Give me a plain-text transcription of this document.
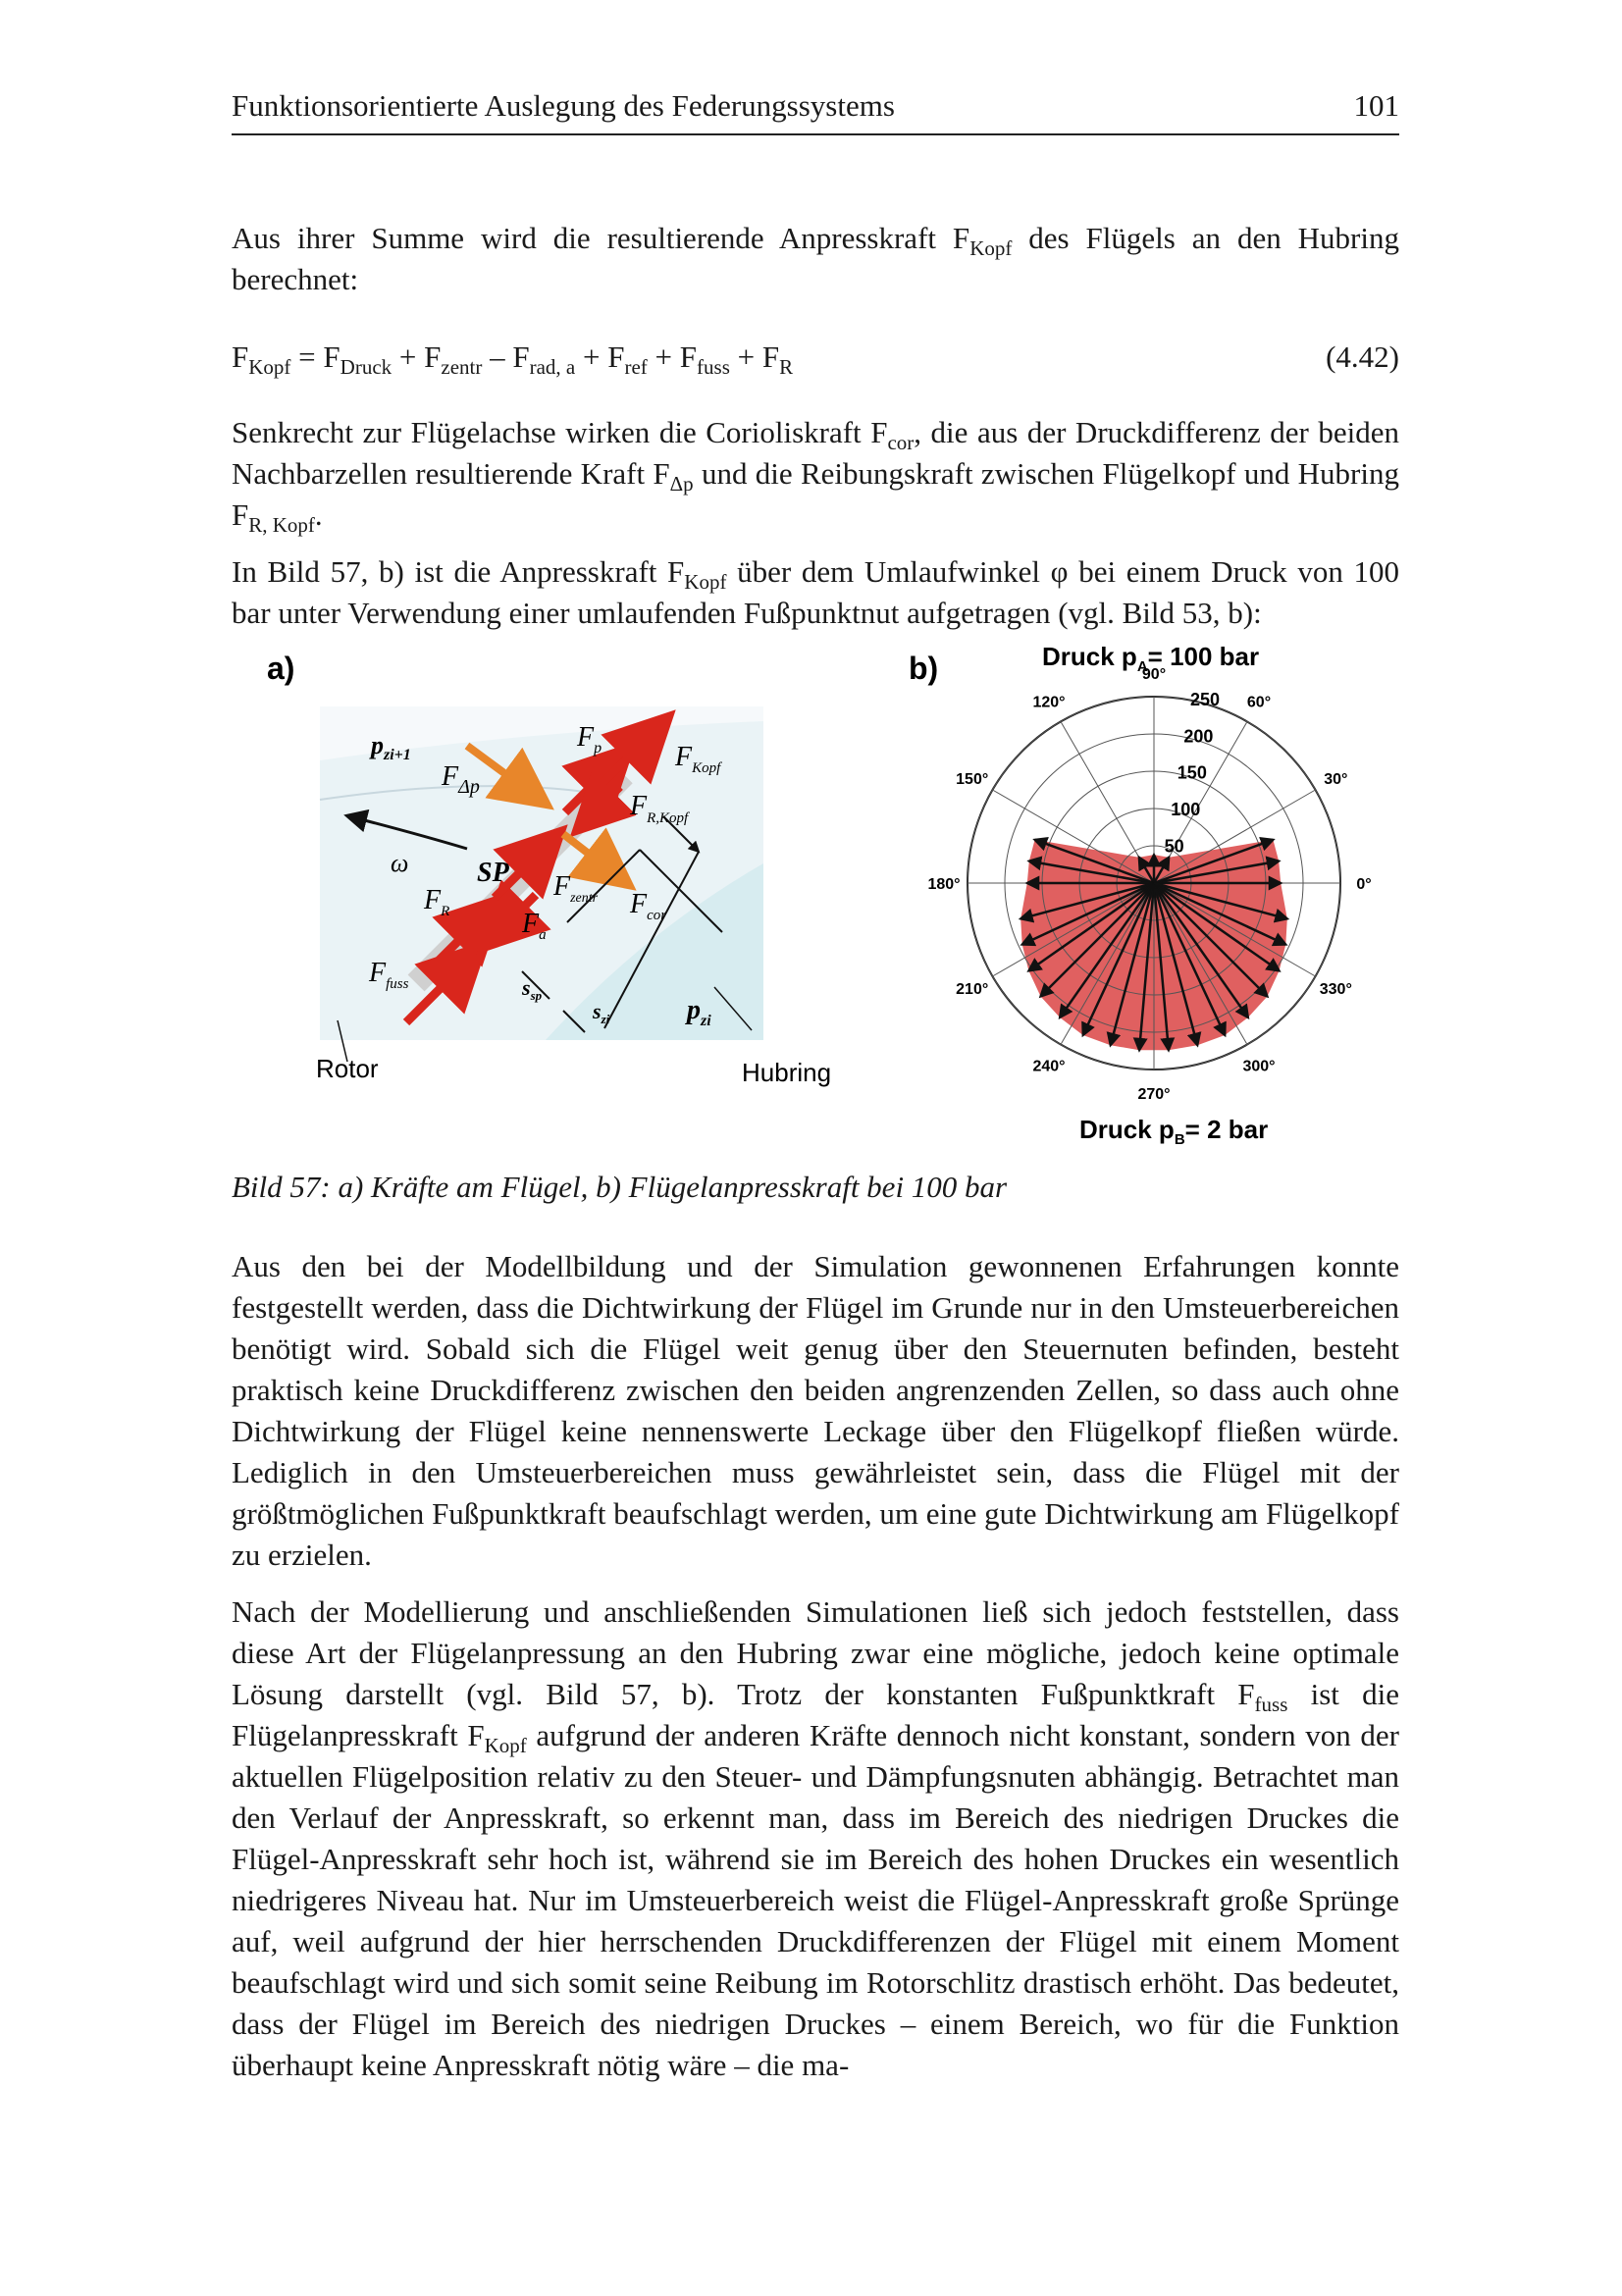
Funktionsorientierte Auslegung des Federungssystems	101
Aus ihrer Summe wird die resultierende Anpresskraft $F_{Kopf}$ des Flügels an den Hubring berechnet:
$F_{Kopf} = F_{Druck} + F_{zentr} - F_{rad, a} + F_{ref} + F_{fuss} + F_R$	(4.42)
Senkrecht zur Flügelachse wirken die Corioliskraft $F_{cor}$, die aus der Druckdifferenz der beiden Nachbarzellen resultierende Kraft $F_{\Delta p}$ und die Reibungskraft zwischen Flügelkopf und Hubring $F_{R, Kopf}$.
In Bild 57, b) ist die Anpresskraft $F_{Kopf}$ über dem Umlaufwinkel φ bei einem Druck von 100 bar unter Verwendung einer umlaufenden Fußpunktnut aufgetragen (vgl. Bild 53, b):
a)
ω
$p_{zi+1}$
$F_{\Delta p}$
$F_p$	$F_{Kopf}$
$F_{R,Kopf}$
SP $F_{zentr}$ $F_{cor}$
$F_R$	$F_a$
$F_{fuss}$	$s_{sp}$
$s_{zi}$	$p_{zi}$
Rotor	Hubring
b)	Druck $p_A= 100$ bar
50
100
150
200
250
0°
30°
60°
90°
120°
150°
180°
210°
240°
270°
300°
330°
Druck $p_B= 2$ bar
Bild 57: a) Kräfte am Flügel, b) Flügelanpresskraft bei 100 bar
Aus den bei der Modellbildung und der Simulation gewonnenen Erfahrungen konnte festgestellt werden, dass die Dichtwirkung der Flügel im Grunde nur in den Umsteuerbereichen benötigt wird. Sobald sich die Flügel weit genug über den Steuernuten befinden, besteht praktisch keine Druckdifferenz zwischen den beiden angrenzenden Zellen, so dass auch ohne Dichtwirkung der Flügel keine nennenswerte Leckage über den Flügelkopf fließen würde. Lediglich in den Umsteuerbereichen muss gewährleistet sein, dass die Flügel mit der größtmöglichen Fußpunktkraft beaufschlagt werden, um eine gute Dichtwirkung am Flügelkopf zu erzielen.
Nach der Modellierung und anschließenden Simulationen ließ sich jedoch feststellen, dass diese Art der Flügelanpressung an den Hubring zwar eine mögliche, jedoch keine optimale Lösung darstellt (vgl. Bild 57, b). Trotz der konstanten Fußpunktkraft $F_{fuss}$ ist die Flügelanpresskraft $F_{Kopf}$ aufgrund der anderen Kräfte dennoch nicht konstant, sondern von der aktuellen Flügelposition relativ zu den Steuer- und Dämpfungsnuten abhängig. Betrachtet man den Verlauf der Anpresskraft, so erkennt man, dass im Bereich des niedrigen Druckes die Flügel-Anpresskraft sehr hoch ist, während sie im Bereich des hohen Druckes ein wesentlich niedrigeres Niveau hat. Nur im Umsteuerbereich weist die Flügel-Anpresskraft große Sprünge auf, weil aufgrund der hier herrschenden Druckdifferenzen der Flügel mit einem Moment beaufschlagt wird und sich somit seine Reibung im Rotorschlitz drastisch erhöht. Das bedeutet, dass der Flügel im Bereich des niedrigen Druckes – einem Bereich, wo für die Funktion überhaupt keine Anpresskraft nötig wäre – die ma-
